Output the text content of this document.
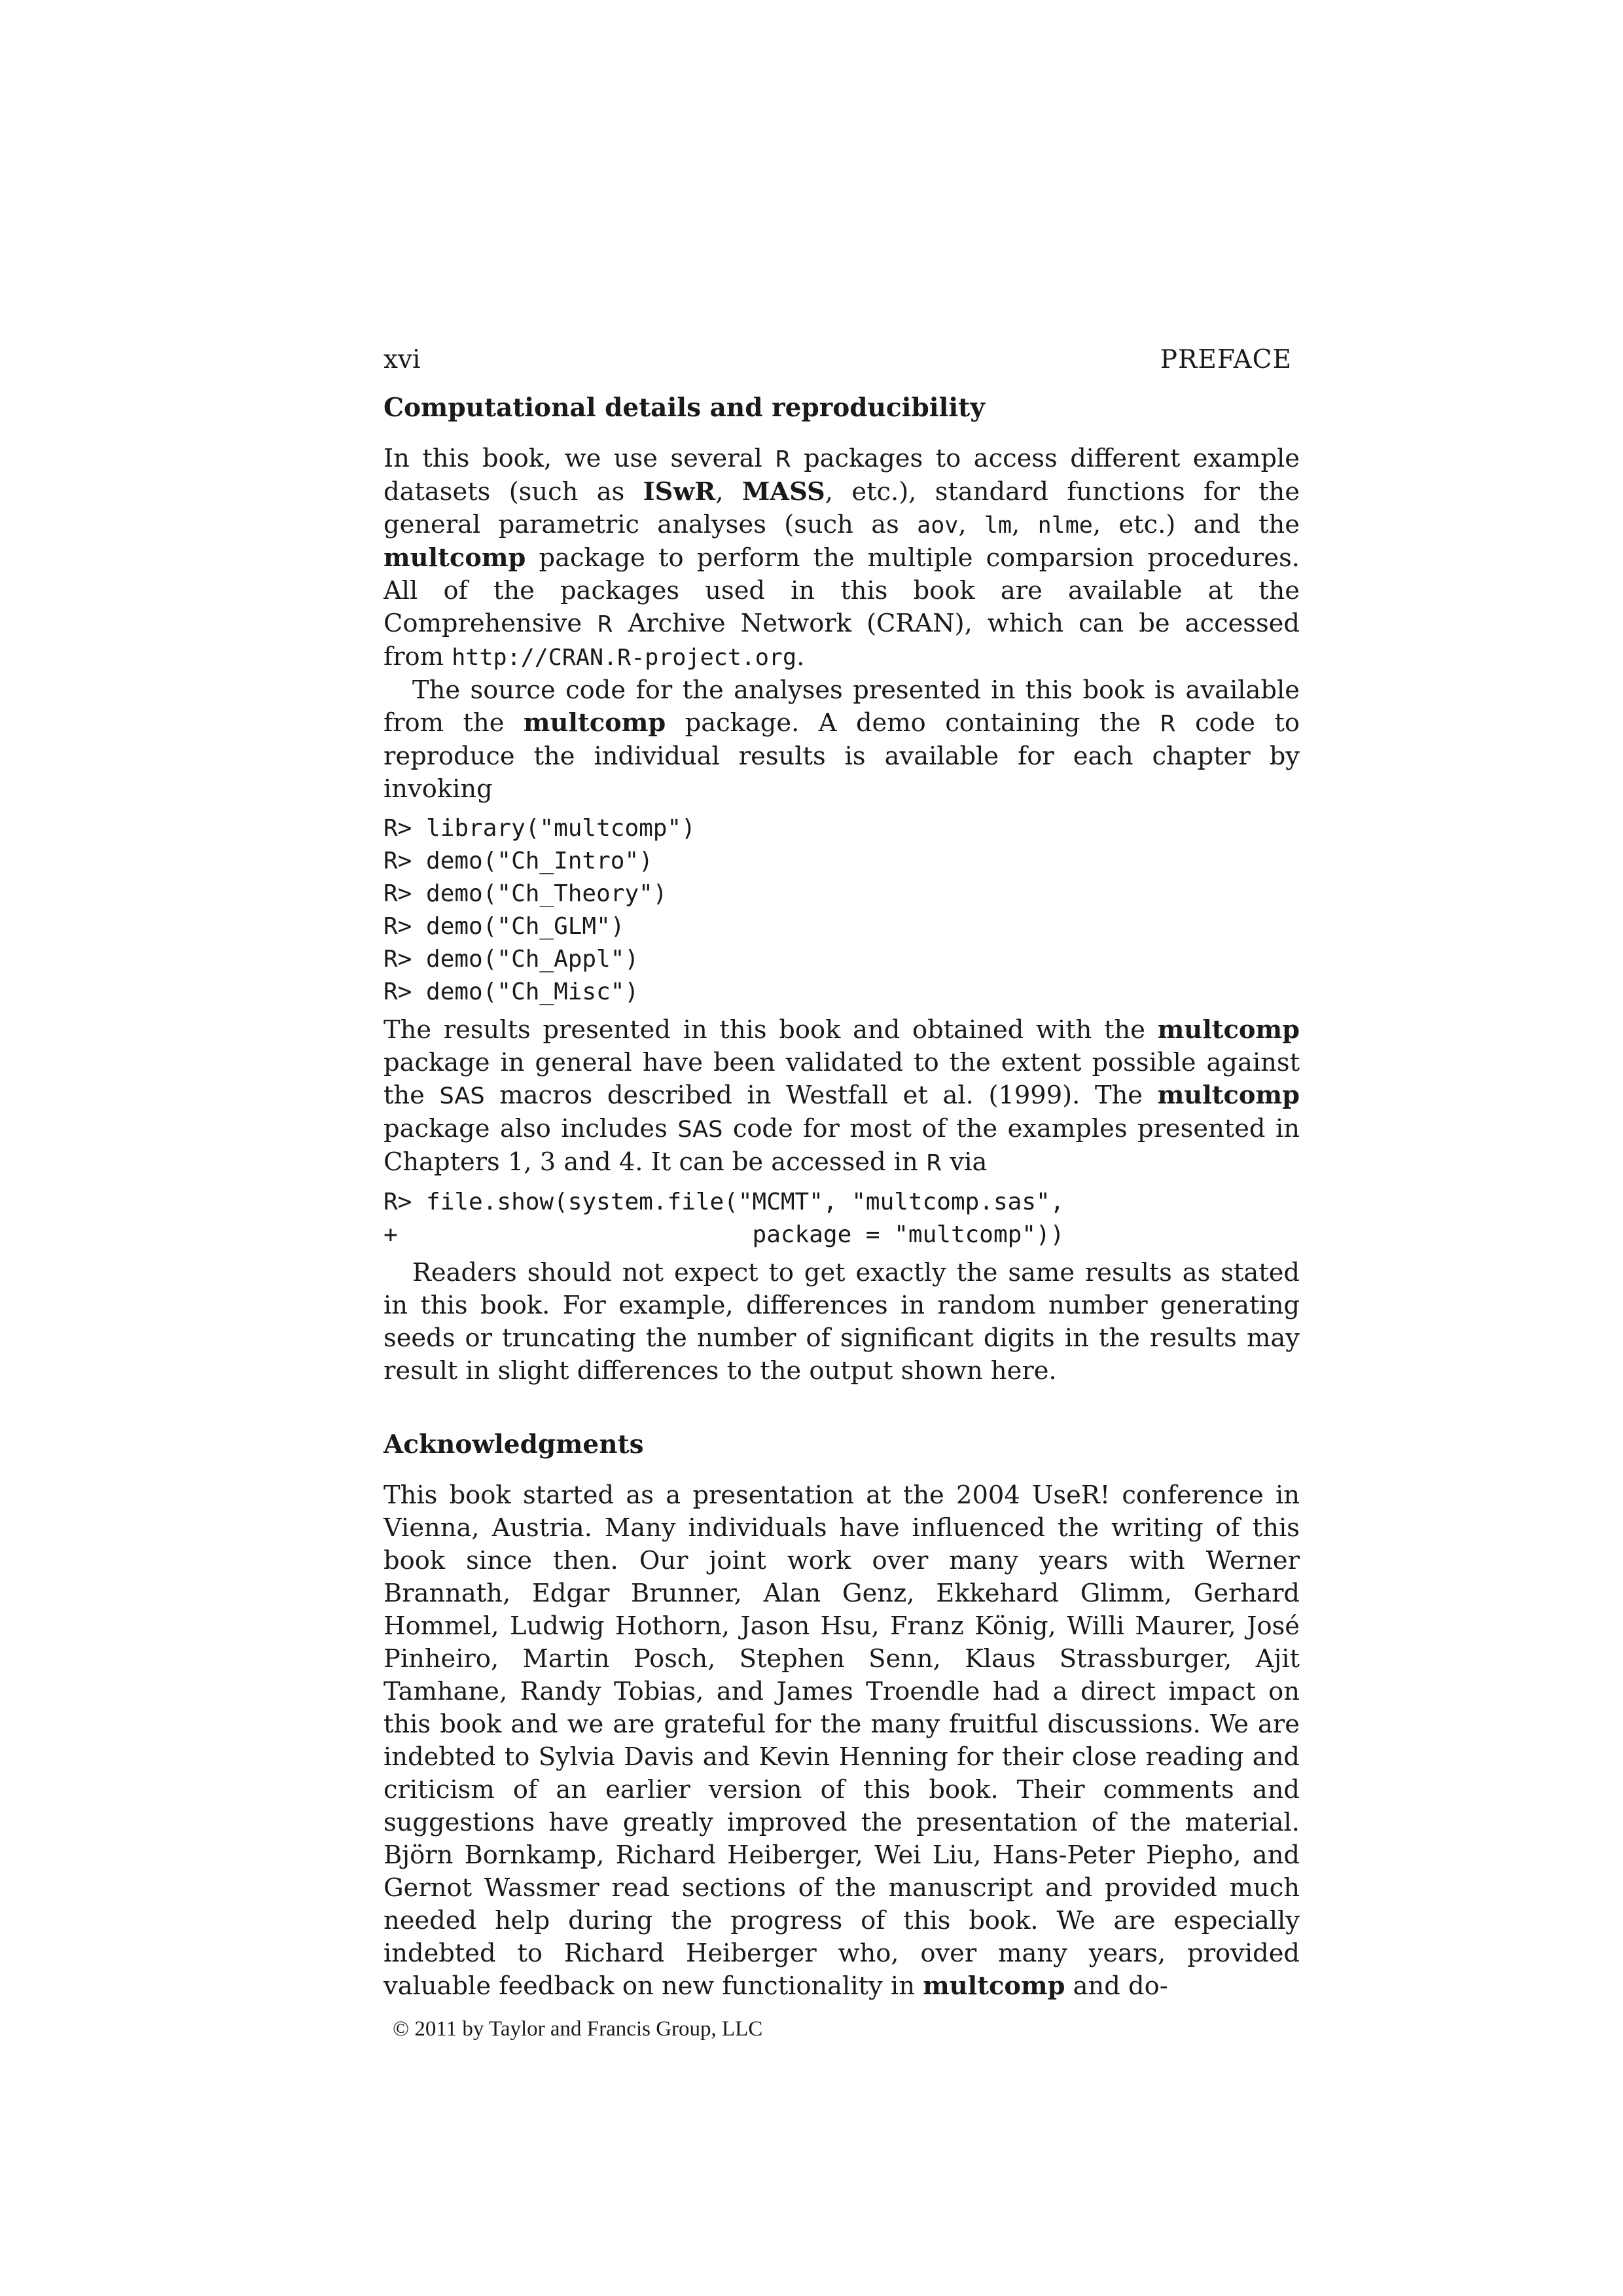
xvi	PREFACE
Computational details and reproducibility

In this book, we use several R packages to access different example datasets (such as ISwR, MASS, etc.), standard functions for the general parametric analyses (such as aov, lm, nlme, etc.) and the multcomp package to perform the multiple comparsion procedures. All of the packages used in this book are available at the Comprehensive R Archive Network (CRAN), which can be accessed from http://CRAN.R-project.org.

The source code for the analyses presented in this book is available from the multcomp package. A demo containing the R code to reproduce the individual results is available for each chapter by invoking

R> library("multcomp")
R> demo("Ch_Intro")
R> demo("Ch_Theory")
R> demo("Ch_GLM")
R> demo("Ch_Appl")
R> demo("Ch_Misc")

The results presented in this book and obtained with the multcomp package in general have been validated to the extent possible against the SAS macros described in Westfall et al. (1999). The multcomp package also includes SAS code for most of the examples presented in Chapters 1, 3 and 4. It can be accessed in R via

R> file.show(system.file("MCMT", "multcomp.sas",
+                         package = "multcomp"))

Readers should not expect to get exactly the same results as stated in this book. For example, differences in random number generating seeds or truncating the number of significant digits in the results may result in slight differences to the output shown here.

Acknowledgments

This book started as a presentation at the 2004 UseR! conference in Vienna, Austria. Many individuals have influenced the writing of this book since then. Our joint work over many years with Werner Brannath, Edgar Brunner, Alan Genz, Ekkehard Glimm, Gerhard Hommel, Ludwig Hothorn, Jason Hsu, Franz König, Willi Maurer, José Pinheiro, Martin Posch, Stephen Senn, Klaus Strassburger, Ajit Tamhane, Randy Tobias, and James Troendle had a direct impact on this book and we are grateful for the many fruitful discussions. We are indebted to Sylvia Davis and Kevin Henning for their close reading and criticism of an earlier version of this book. Their comments and suggestions have greatly improved the presentation of the material. Björn Bornkamp, Richard Heiberger, Wei Liu, Hans-Peter Piepho, and Gernot Wassmer read sections of the manuscript and provided much needed help during the progress of this book. We are especially indebted to Richard Heiberger who, over many years, provided valuable feedback on new functionality in multcomp and do-

© 2011 by Taylor and Francis Group, LLC
